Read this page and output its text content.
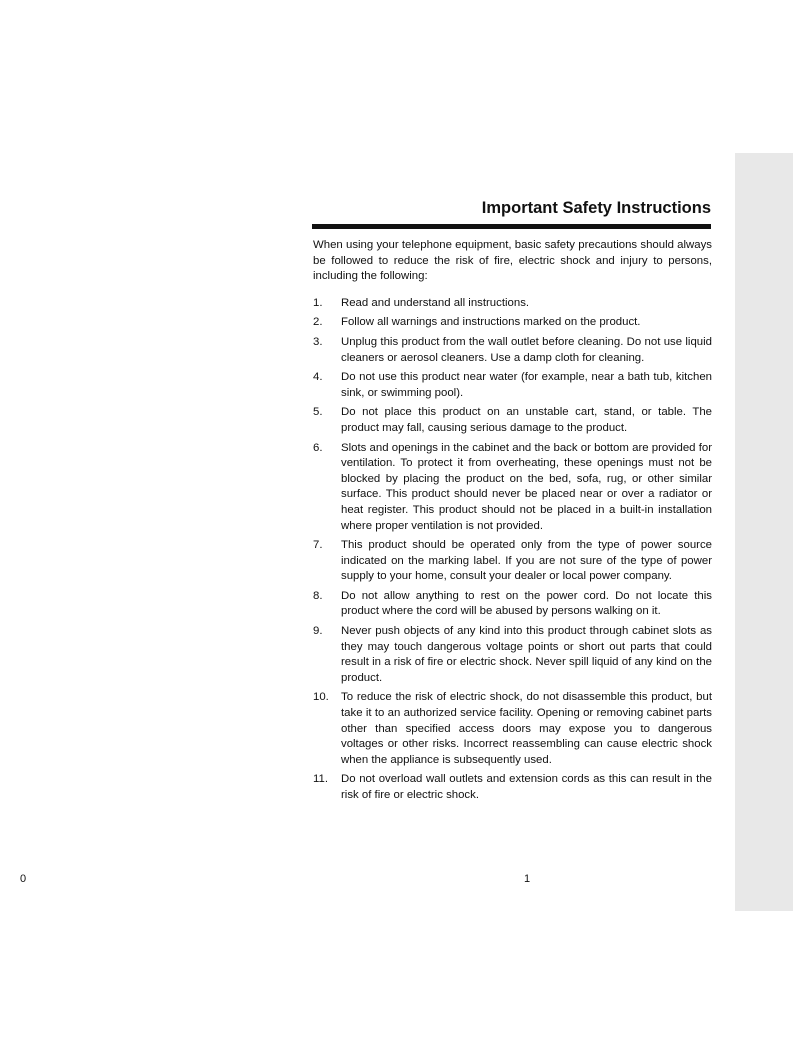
Important Safety Instructions

When using your telephone equipment, basic safety precautions should always be followed to reduce the risk of fire, electric shock and injury to persons, including the following:

1.	Read and understand all instructions.
2.	Follow all warnings and instructions marked on the product.
3.	Unplug this product from the wall outlet before cleaning. Do not use liquid cleaners or aerosol cleaners. Use a damp cloth for cleaning.
4.	Do not use this product near water (for example, near a bath tub, kitchen sink, or swimming pool).
5.	Do not place this product on an unstable cart, stand, or table. The product may fall, causing serious damage to the product.
6.	Slots and openings in the cabinet and the back or bottom are provided for ventilation. To protect it from overheating, these openings must not be blocked by placing the product on the bed, sofa, rug, or other similar surface. This product should never be placed near or over a radiator or heat register. This product should not be placed in a built-in installation where proper ventilation is not provided.
7.	This product should be operated only from the type of power source indicated on the marking label. If you are not sure of the type of power supply to your home, consult your dealer or local power company.
8.	Do not allow anything to rest on the power cord. Do not locate this product where the cord will be abused by persons walking on it.
9.	Never push objects of any kind into this product through cabinet slots as they may touch dangerous voltage points or short out parts that could result in a risk of fire or electric shock. Never spill liquid of any kind on the product.
10.	To reduce the risk of electric shock, do not disassemble this product, but take it to an authorized service facility. Opening or removing cabinet parts other than specified access doors may expose you to dangerous voltages or other risks. Incorrect reassembling can cause electric shock when the appliance is subsequently used.
11.	Do not overload wall outlets and extension cords as this can result in the risk of fire or electric shock.
0	1
